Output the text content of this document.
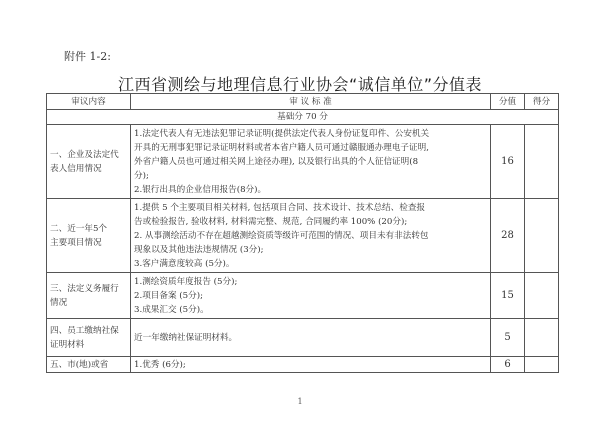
附件 1-2:
江西省测绘与地理信息行业协会“诚信单位”分值表
审议内容	审 议 标 准	分值	得分
基础分 70 分			

一、企业及法定代
表人信用情况	1.法定代表人有无违法犯罪记录证明(提供法定代表人身份证复印件、公安机关
开具的无刑事犯罪记录证明材料或者本省户籍人员可通过赣服通办理电子证明,
外省户籍人员也可通过相关网上途径办理), 以及银行出具的个人征信证明(8
分);
2.银行出具的企业信用报告(8分)。	16	

二、近一年5个
主要项目情况	1.提供 5 个主要项目相关材料, 包括项目合同、技术设计、技术总结、检查报
告或检验报告, 验收材料, 材料需完整、规范, 合同履约率 100% (20分);
2. 从事测绘活动不存在超越测绘资质等级许可范围的情况、项目未有非法转包
现象以及其他违法违规情况 (3分);
3.客户满意度较高 (5分)。	28	

三、法定义务履行
情况	1.测绘资质年度报告 (5分);
2.项目备案 (5分);
3.成果汇交 (5分)。	15	

四、员工缴纳社保
证明材料	近一年缴纳社保证明材料。	5	

五、市(地)或省	1.优秀 (6分);	6	
1
